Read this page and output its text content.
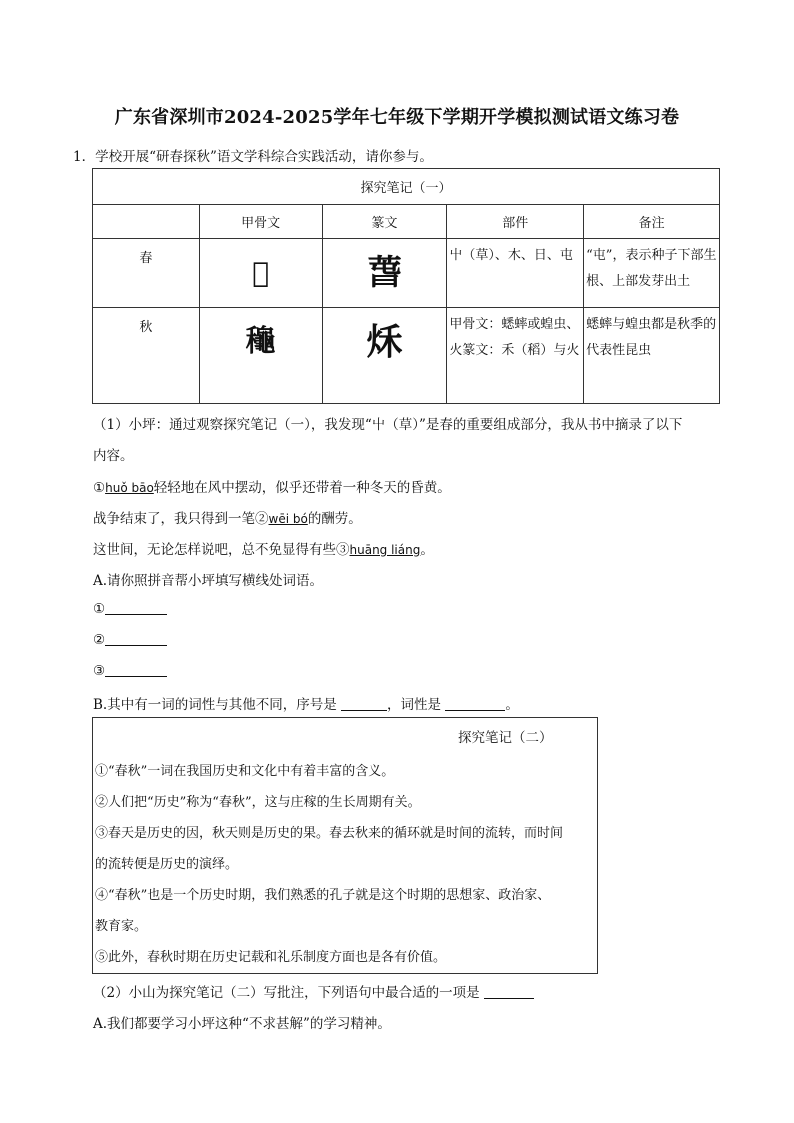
广东省深圳市2024-2025学年七年级下学期开学模拟测试语文练习卷
1．学校开展“研春探秋”语文学科综合实践活动，请你参与。
探究笔记（一）				
	甲骨文	篆文	部件	备注
春	𣌢	萅	屮（草）、木、日、屯	“屯”，表示种子下部生根、上部发芽出土
秋	龝	秌	甲骨文：蟋蟀或蝗虫、火篆文：禾（稻）与火	蟋蟀与蝗虫都是秋季的代表性昆虫
（1）小坪：通过观察探究笔记（一），我发现“屮（草）”是春的重要组成部分，我从书中摘录了以下
内容。
①huǒ bāo轻轻地在风中摆动，似乎还带着一种冬天的昏黄。
战争结束了，我只得到一笔②wēi bó的酬劳。
这世间，无论怎样说吧，总不免显得有些③huāng liáng。
A.请你照拼音帮小坪填写横线处词语。
①
②
③
B.其中有一词的词性与其他不同，序号是	，词性是	。
探究笔记（二）
①“春秋”一词在我国历史和文化中有着丰富的含义。
②人们把“历史”称为“春秋”，这与庄稼的生长周期有关。
③春天是历史的因，秋天则是历史的果。春去秋来的循环就是时间的流转，而时间
的流转便是历史的演绎。
④“春秋”也是一个历史时期，我们熟悉的孔子就是这个时期的思想家、政治家、
教育家。
⑤此外，春秋时期在历史记载和礼乐制度方面也是各有价值。
（2）小山为探究笔记（二）写批注，下列语句中最合适的一项是
A.我们都要学习小坪这种“不求甚解”的学习精神。
